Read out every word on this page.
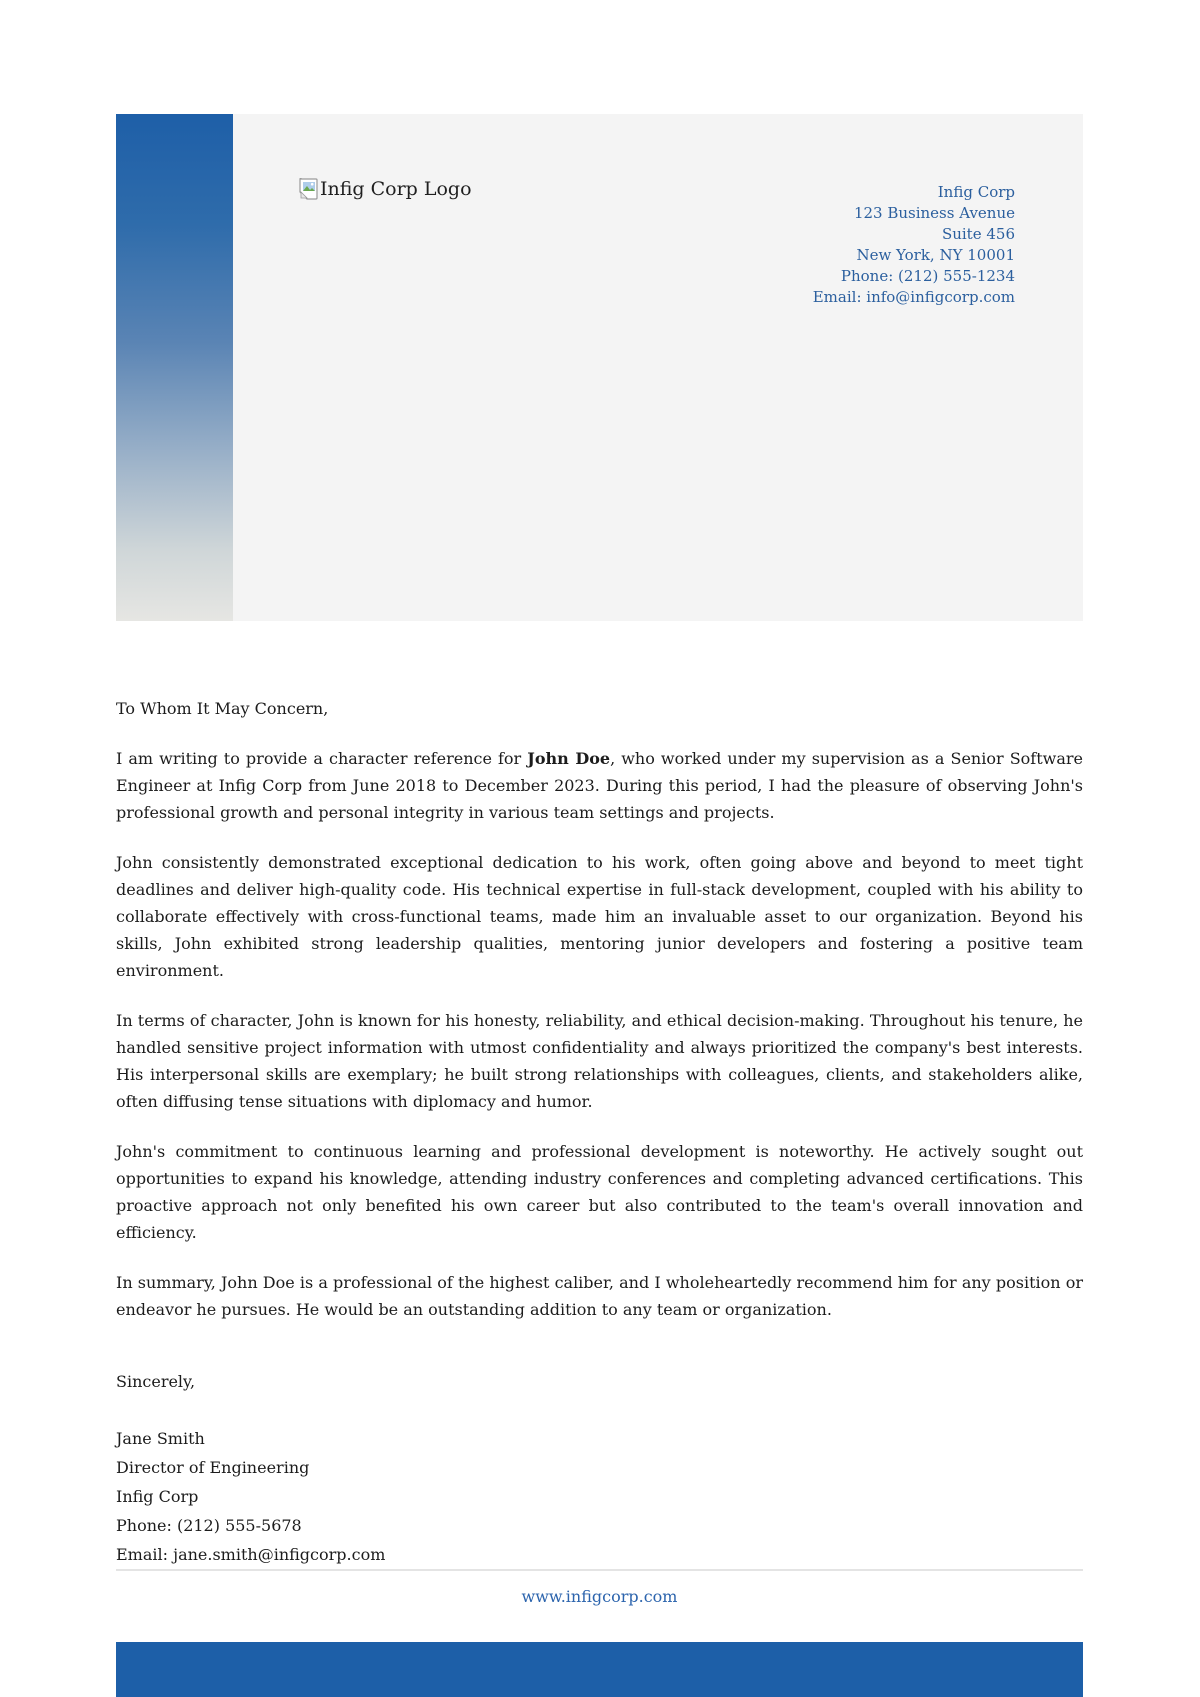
Infig Corp Logo	Infig Corp
123 Business Avenue
Suite 456
New York, NY 10001
Phone: (212) 555-1234
Email: info@infigcorp.com

To Whom It May Concern,

I am writing to provide a character reference for John Doe, who worked under my supervision as a Senior Software Engineer at Infig Corp from June 2018 to December 2023. During this period, I had the pleasure of observing John's professional growth and personal integrity in various team settings and projects.

John consistently demonstrated exceptional dedication to his work, often going above and beyond to meet tight deadlines and deliver high-quality code. His technical expertise in full-stack development, coupled with his ability to collaborate effectively with cross-functional teams, made him an invaluable asset to our organization. Beyond his skills, John exhibited strong leadership qualities, mentoring junior developers and fostering a positive team environment.

In terms of character, John is known for his honesty, reliability, and ethical decision-making. Throughout his tenure, he handled sensitive project information with utmost confidentiality and always prioritized the company's best interests. His interpersonal skills are exemplary; he built strong relationships with colleagues, clients, and stakeholders alike, often diffusing tense situations with diplomacy and humor.

John's commitment to continuous learning and professional development is noteworthy. He actively sought out opportunities to expand his knowledge, attending industry conferences and completing advanced certifications. This proactive approach not only benefited his own career but also contributed to the team's overall innovation and efficiency.

In summary, John Doe is a professional of the highest caliber, and I wholeheartedly recommend him for any position or endeavor he pursues. He would be an outstanding addition to any team or organization.

Sincerely,

Jane Smith
Director of Engineering
Infig Corp
Phone: (212) 555-5678
Email: jane.smith@infigcorp.com
www.infigcorp.com
